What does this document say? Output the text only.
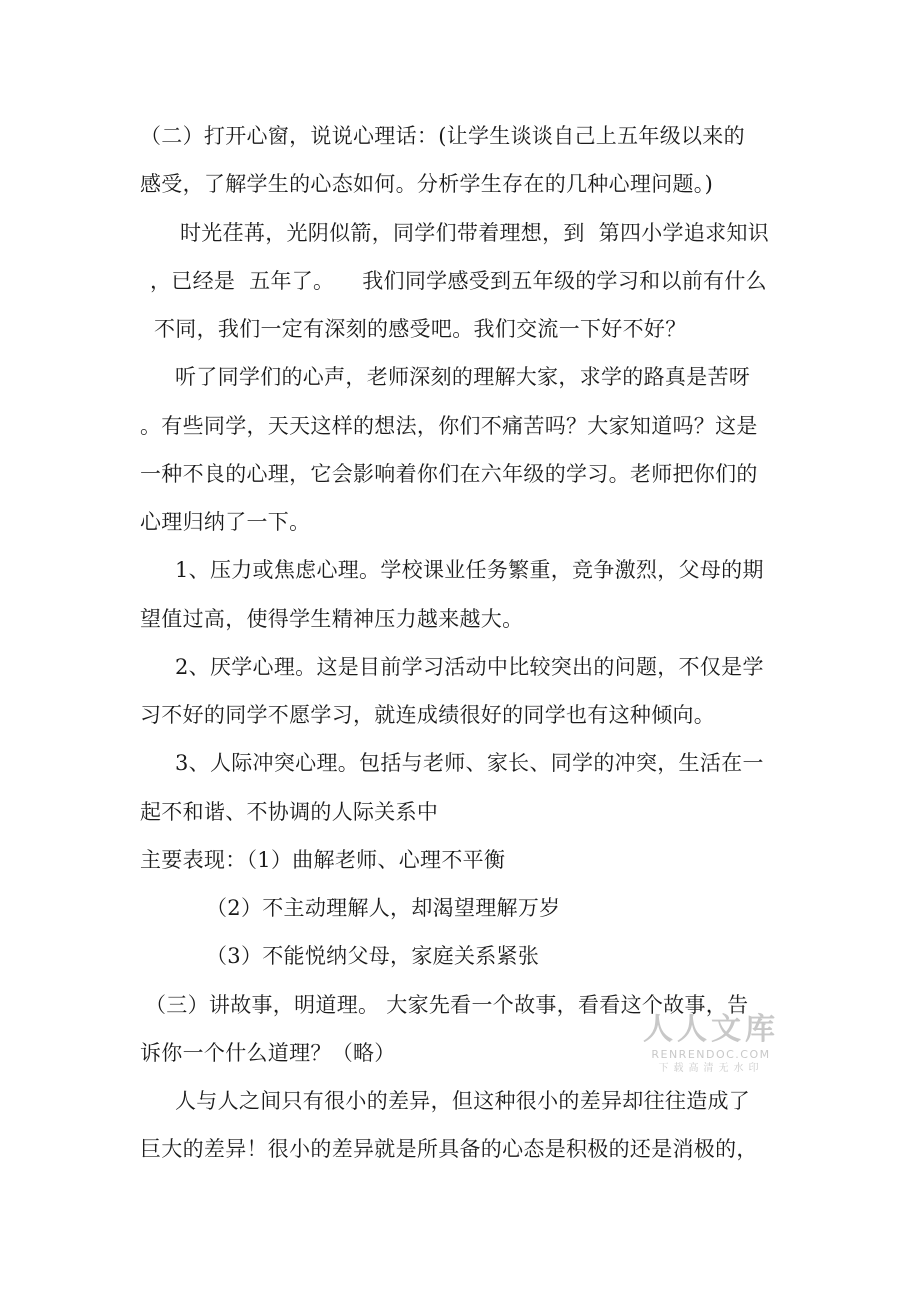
（二）打开心窗，说说心理话：(让学生谈谈自己上五年级以来的
感受，了解学生的心态如何。分析学生存在的几种心理问题。)
时光荏苒，光阴似箭，同学们带着理想，到  第四小学追求知识
，已经是  五年了。    我们同学感受到五年级的学习和以前有什么
不同，我们一定有深刻的感受吧。我们交流一下好不好？
听了同学们的心声，老师深刻的理解大家，求学的路真是苦呀
。有些同学，天天这样的想法，你们不痛苦吗？大家知道吗？这是
一种不良的心理，它会影响着你们在六年级的学习。老师把你们的
心理归纳了一下。
1、压力或焦虑心理。学校课业任务繁重，竞争激烈，父母的期
望值过高，使得学生精神压力越来越大。
2、厌学心理。这是目前学习活动中比较突出的问题，不仅是学
习不好的同学不愿学习，就连成绩很好的同学也有这种倾向。
3、人际冲突心理。包括与老师、家长、同学的冲突，生活在一
起不和谐、不协调的人际关系中
主要表现：（1）曲解老师、心理不平衡
（2）不主动理解人，却渴望理解万岁
（3）不能悦纳父母，家庭关系紧张
（三）讲故事，明道理。 大家先看一个故事，看看这个故事，告
诉你一个什么道理？（略）
人与人之间只有很小的差异，但这种很小的差异却往往造成了
巨大的差异！很小的差异就是所具备的心态是积极的还是消极的，
人人文库
RENRENDOC.COM
下载高清无水印
